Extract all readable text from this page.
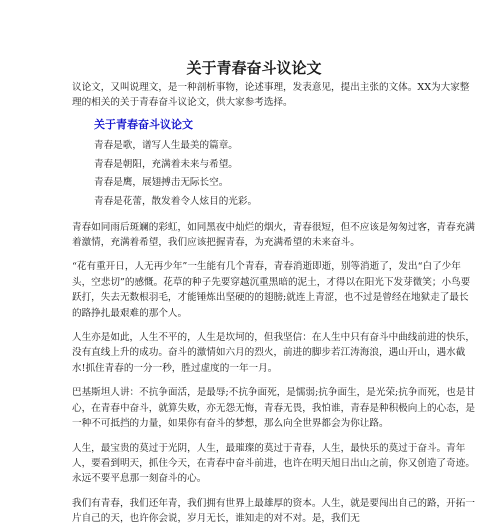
关于青春奋斗议论文

议论文，又叫说理文，是一种剖析事物，论述事理，发表意见，提出主张的文体。XX为大家整理的相关的关于青春奋斗议论文，供大家参考选择。

关于青春奋斗议论文

青春是歌，谱写人生最美的篇章。

青春是朝阳，充满着未来与希望。

青春是鹰，展翅搏击无际长空。

青春是花蕾，散发着令人炫目的光彩。

青春如同雨后斑斓的彩虹，如同黑夜中灿烂的烟火，青春很短，但不应该是匆匆过客，青春充满着激情，充满着希望，我们应该把握青春，为充满希望的未来奋斗。

“花有重开日，人无再少年”一生能有几个青春，青春消逝即逝，别等消逝了，发出“白了少年头，空悲切”的感慨。花草的种子先要穿越沉重黑暗的泥土，才得以在阳光下发芽微笑；小鸟要跃打，失去无数根羽毛，才能锤炼出坚硬的的翅膀;就连上青涩，也不过是曾经在地狱走了最长的路挣扎最艰难的那个人。

人生亦是如此，人生不平的，人生是坎坷的，但我坚信：在人生中只有奋斗中曲线前进的快乐，没有直线上升的成功。奋斗的激情如六月的烈火，前进的脚步若江涛海浪，遇山开山，遇水截水!抓住青春的一分一秒，胜过虚度的一年一月。

巴基斯坦人讲：不抗争面活，是最辱;不抗争面死，是懦弱;抗争面生，是光荣;抗争而死，也是甘心，在青春中奋斗，就算失败，亦无怨无悔，青春无畏，我怕谁，青春是种积极向上的心态，是一种不可抵挡的力量，如果你有奋斗的梦想，那么向全世界都会为你让路。

人生，最宝贵的莫过于光阴，人生，最璀璨的莫过于青春，人生，最快乐的莫过于奋斗。青年人，要看到明天，抓住今天，在青春中奋斗前进，也许在明天旭日出山之前，你又创造了奇迹。永远不要平息那一刻奋斗的心。

我们有青春，我们还年青，我们拥有世界上最雄厚的资本。人生，就是要闯出自己的路，开拓一片自己的天，也许你会说，岁月无长，谁知走的对不对。是，我们无
